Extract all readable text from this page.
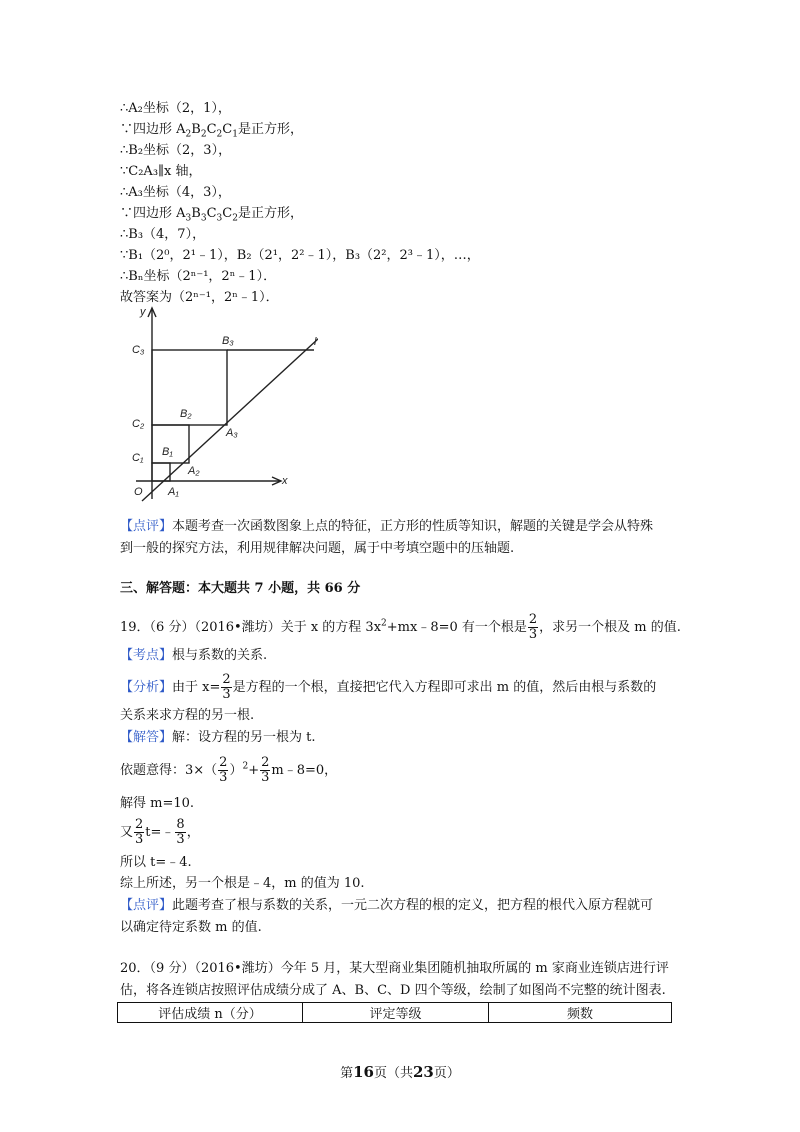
∴A₂坐标（2，1），
∵四边形 $A_2B_2C_2C_1$是正方形，
∴B₂坐标（2，3），
∵C₂A₃∥x 轴，
∴A₃坐标（4，3），
∵四边形 $A_3B_3C_3C_2$是正方形，
∴B₃（4，7），
∵B₁（2⁰，2¹﹣1），B₂（2¹，2²﹣1），B₃（2²，2³﹣1），…，
∴Bₙ坐标（2ⁿ⁻¹，2ⁿ﹣1）．
故答案为（2ⁿ⁻¹，2ⁿ﹣1）．
y
x
O
l
C₁
C₂
C₃
B₁
B₂
B₃
A₁
A₂
A₃
【点评】本题考查一次函数图象上点的特征，正方形的性质等知识，解题的关键是学会从特殊
到一般的探究方法，利用规律解决问题，属于中考填空题中的压轴题.
三、解答题：本大题共 7 小题，共 66 分
19．（6 分）（2016•潍坊）关于 x 的方程 $3x^2+mx﹣8=0$ 有一个根是 $\frac{2}{3}$ ，求另一个根及 m 的值.
【考点】根与系数的关系.
【分析】由于 $x= \frac{2}{3}$ 是方程的一个根，直接把它代入方程即可求出 m 的值，然后由根与系数的
关系来求方程的另一根.
【解答】解：设方程的另一根为 t.
依题意得：$3\times( \frac{2}{3} )^2+ \frac{2}{3}$ m﹣8=0，
解得 m=10.
又 $\frac{2}{3}$ t=﹣ $\frac{8}{3}$ ，
所以 t=﹣4.
综上所述，另一个根是﹣4，m 的值为 10.
【点评】此题考查了根与系数的关系，一元二次方程的根的定义，把方程的根代入原方程就可
以确定待定系数 m 的值.
20．（9 分）（2016•潍坊）今年 5 月，某大型商业集团随机抽取所属的 m 家商业连锁店进行评
估，将各连锁店按照评估成绩分成了 A、B、C、D 四个等级，绘制了如图尚不完整的统计图表.
评估成绩 n（分）	评定等级	频数
第16页（共23页）
